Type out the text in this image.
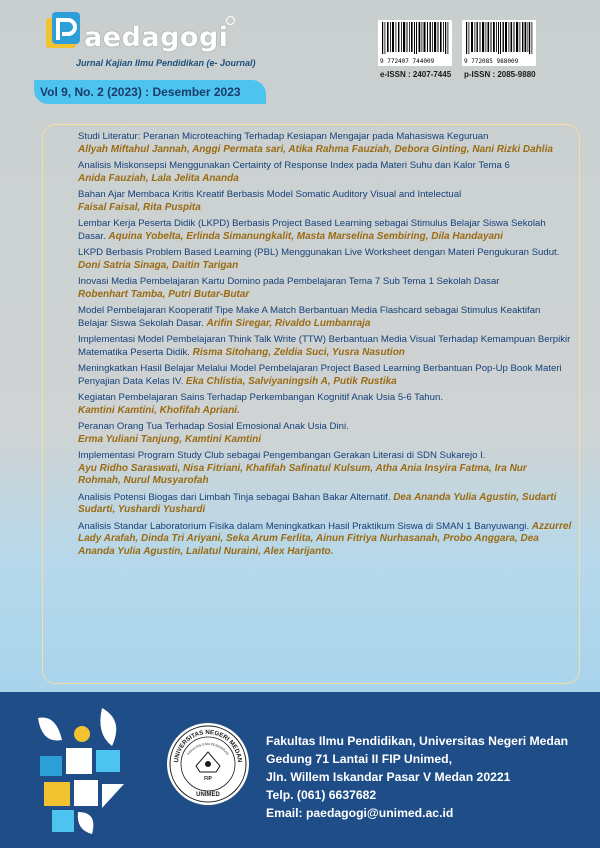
aedagogi
Jurnal Kajian Ilmu Pendidikan (e- Journal)
Vol 9, No. 2 (2023) : Desember 2023
9 772407 744009	9 772085 988009
e-ISSN : 2407-7445 p-ISSN : 2085-9880
Studi Literatur: Peranan Microteaching Terhadap Kesiapan Mengajar pada Mahasiswa Keguruan
Allyah Miftahul Jannah, Anggi Permata sari, Atika Rahma Fauziah, Debora Ginting, Nani Rizki Dahlia
Analisis Miskonsepsi Menggunakan Certainty of Response Index pada Materi Suhu dan Kalor Tema 6
Anida Fauziah, Lala Jelita Ananda
Bahan Ajar Membaca Kritis Kreatif Berbasis Model Somatic Auditory Visual and Intelectual
Faisal Faisal, Rita Puspita
Lembar Kerja Peserta Didik (LKPD) Berbasis Project Based Learning sebagai Stimulus Belajar Siswa Sekolah Dasar. Aquina Yobelta, Erlinda Simanungkalit, Masta Marselina Sembiring, Dila Handayani
LKPD Berbasis Problem Based Learning (PBL) Menggunakan Live Worksheet dengan Materi Pengukuran Sudut. Doni Satria Sinaga, Daitin Tarigan
Inovasi Media Pembelajaran Kartu Domino pada Pembelajaran Tema 7 Sub Tema 1 Sekolah Dasar
Robenhart Tamba, Putri Butar-Butar
Model Pembelajaran Kooperatif Tipe Make A Match Berbantuan Media Flashcard sebagai Stimulus Keaktifan Belajar Siswa Sekolah Dasar. Arifin Siregar, Rivaldo Lumbanraja
Implementasi Model Pembelajaran Think Talk Write (TTW) Berbantuan Media Visual Terhadap Kemampuan Berpikir Matematika Peserta Didik. Risma Sitohang, Zeldia Suci, Yusra Nasution
Meningkatkan Hasil Belajar Melalui Model Pembelajaran Project Based Learning Berbantuan Pop-Up Book Materi Penyajian Data Kelas IV. Eka Chlistia, Salviyaningsih A, Putik Rustika
Kegiatan Pembelajaran Sains Terhadap Perkembangan Kognitif Anak Usia 5-6 Tahun.
Kamtini Kamtini, Khofifah Apriani.
Peranan Orang Tua Terhadap Sosial Emosional Anak Usia Dini.
Erma Yuliani Tanjung, Kamtini Kamtini
Implementasi Program Study Club sebagai Pengembangan Gerakan Literasi di SDN Sukarejo I.
Ayu Ridho Saraswati, Nisa Fitriani, Khafifah Safinatul Kulsum, Atha Ania Insyira Fatma, Ira Nur Rohmah, Nurul Musyarofah
Analisis Potensi Biogas dari Limbah Tinja sebagai Bahan Bakar Alternatif. Dea Ananda Yulia Agustin, Sudarti Sudarti, Yushardi Yushardi
Analisis Standar Laboratorium Fisika dalam Meningkatkan Hasil Praktikum Siswa di SMAN 1 Banyuwangi. Azzurrel Lady Arafah, Dinda Tri Ariyani, Seka Arum Ferlita, Ainun Fitriya Nurhasanah, Probo Anggara, Dea Ananda Yulia Agustin, Lailatul Nuraini, Alex Harijanto.
UNIVERSITAS NEGERI MEDAN
FAKULTAS ILMU PENDIDIKAN
FIP
UNIMED
Fakultas Ilmu Pendidikan, Universitas Negeri Medan
Gedung 71 Lantai II FIP Unimed,
Jln. Willem Iskandar Pasar V Medan 20221
Telp. (061) 6637682
Email: paedagogi@unimed.ac.id
